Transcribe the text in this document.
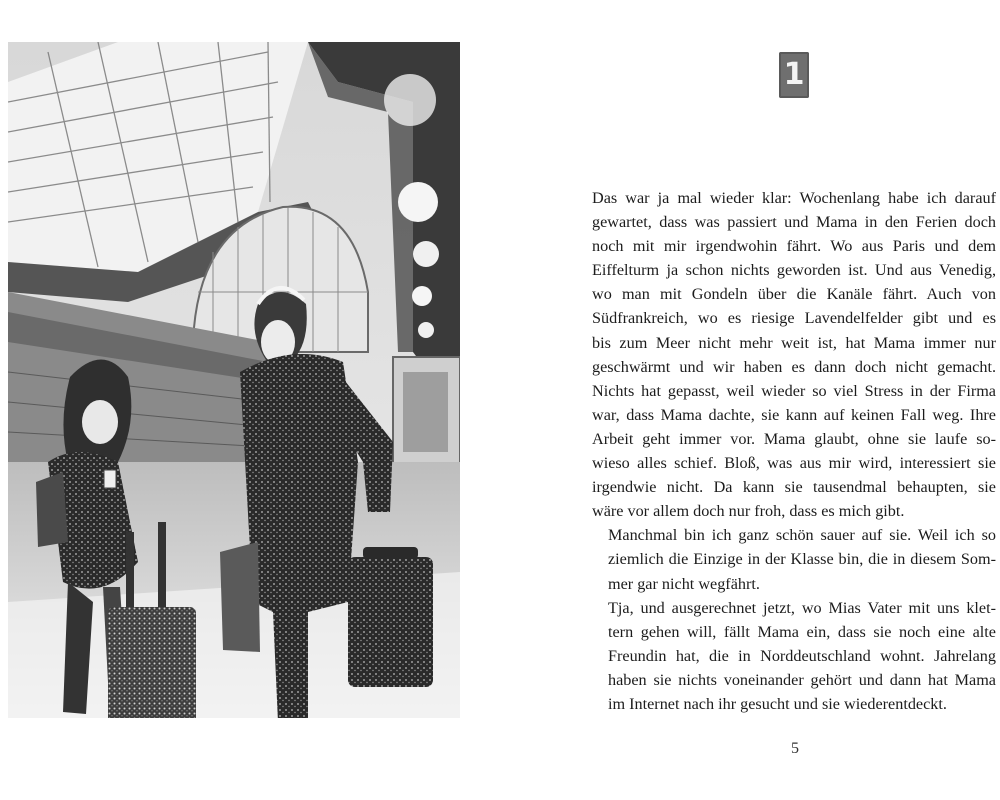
1

Das war ja mal wieder klar: Wochenlang habe ich darauf
gewartet, dass was passiert und Mama in den Ferien doch
noch mit mir irgendwohin fährt. Wo aus Paris und dem
Eiffelturm ja schon nichts geworden ist. Und aus Venedig,
wo man mit Gondeln über die Kanäle fährt. Auch von
Südfrankreich, wo es riesige Lavendelfelder gibt und es
bis zum Meer nicht mehr weit ist, hat Mama immer nur
geschwärmt und wir haben es dann doch nicht gemacht.
Nichts hat gepasst, weil wieder so viel Stress in der Firma
war, dass Mama dachte, sie kann auf keinen Fall weg. Ihre
Arbeit geht immer vor. Mama glaubt, ohne sie laufe so-
wieso alles schief. Bloß, was aus mir wird, interessiert sie
irgendwie nicht. Da kann sie tausendmal behaupten, sie
wäre vor allem doch nur froh, dass es mich gibt.

Manchmal bin ich ganz schön sauer auf sie. Weil ich so
ziemlich die Einzige in der Klasse bin, die in diesem Som-
mer gar nicht wegfährt.

Tja, und ausgerechnet jetzt, wo Mias Vater mit uns klet-
tern gehen will, fällt Mama ein, dass sie noch eine alte
Freundin hat, die in Norddeutschland wohnt. Jahrelang
haben sie nichts voneinander gehört und dann hat Mama
im Internet nach ihr gesucht und sie wiederentdeckt.

5
